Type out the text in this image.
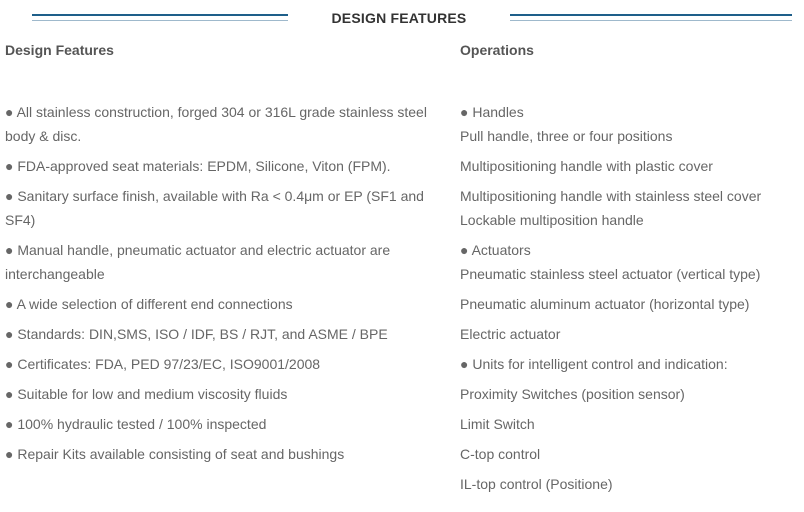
DESIGN FEATURES
Design Features
● All stainless construction, forged 304 or 316L grade stainless steel body & disc.
● FDA-approved seat materials: EPDM, Silicone, Viton (FPM).
● Sanitary surface finish, available with Ra < 0.4μm or EP (SF1 and SF4)
● Manual handle, pneumatic actuator and electric actuator are interchangeable
● A wide selection of different end connections
● Standards: DIN,SMS, ISO / IDF, BS / RJT, and ASME / BPE
● Certificates: FDA, PED 97/23/EC, ISO9001/2008
● Suitable for low and medium viscosity fluids
● 100% hydraulic tested / 100% inspected
● Repair Kits available consisting of seat and bushings
Operations
● Handles
Pull handle, three or four positions
Multipositioning handle with plastic cover
Multipositioning handle with stainless steel cover
Lockable multiposition handle
● Actuators
Pneumatic stainless steel actuator (vertical type)
Pneumatic aluminum actuator (horizontal type)
Electric actuator
● Units for intelligent control and indication:
Proximity Switches (position sensor)
Limit Switch
C-top control
IL-top control (Positione)
